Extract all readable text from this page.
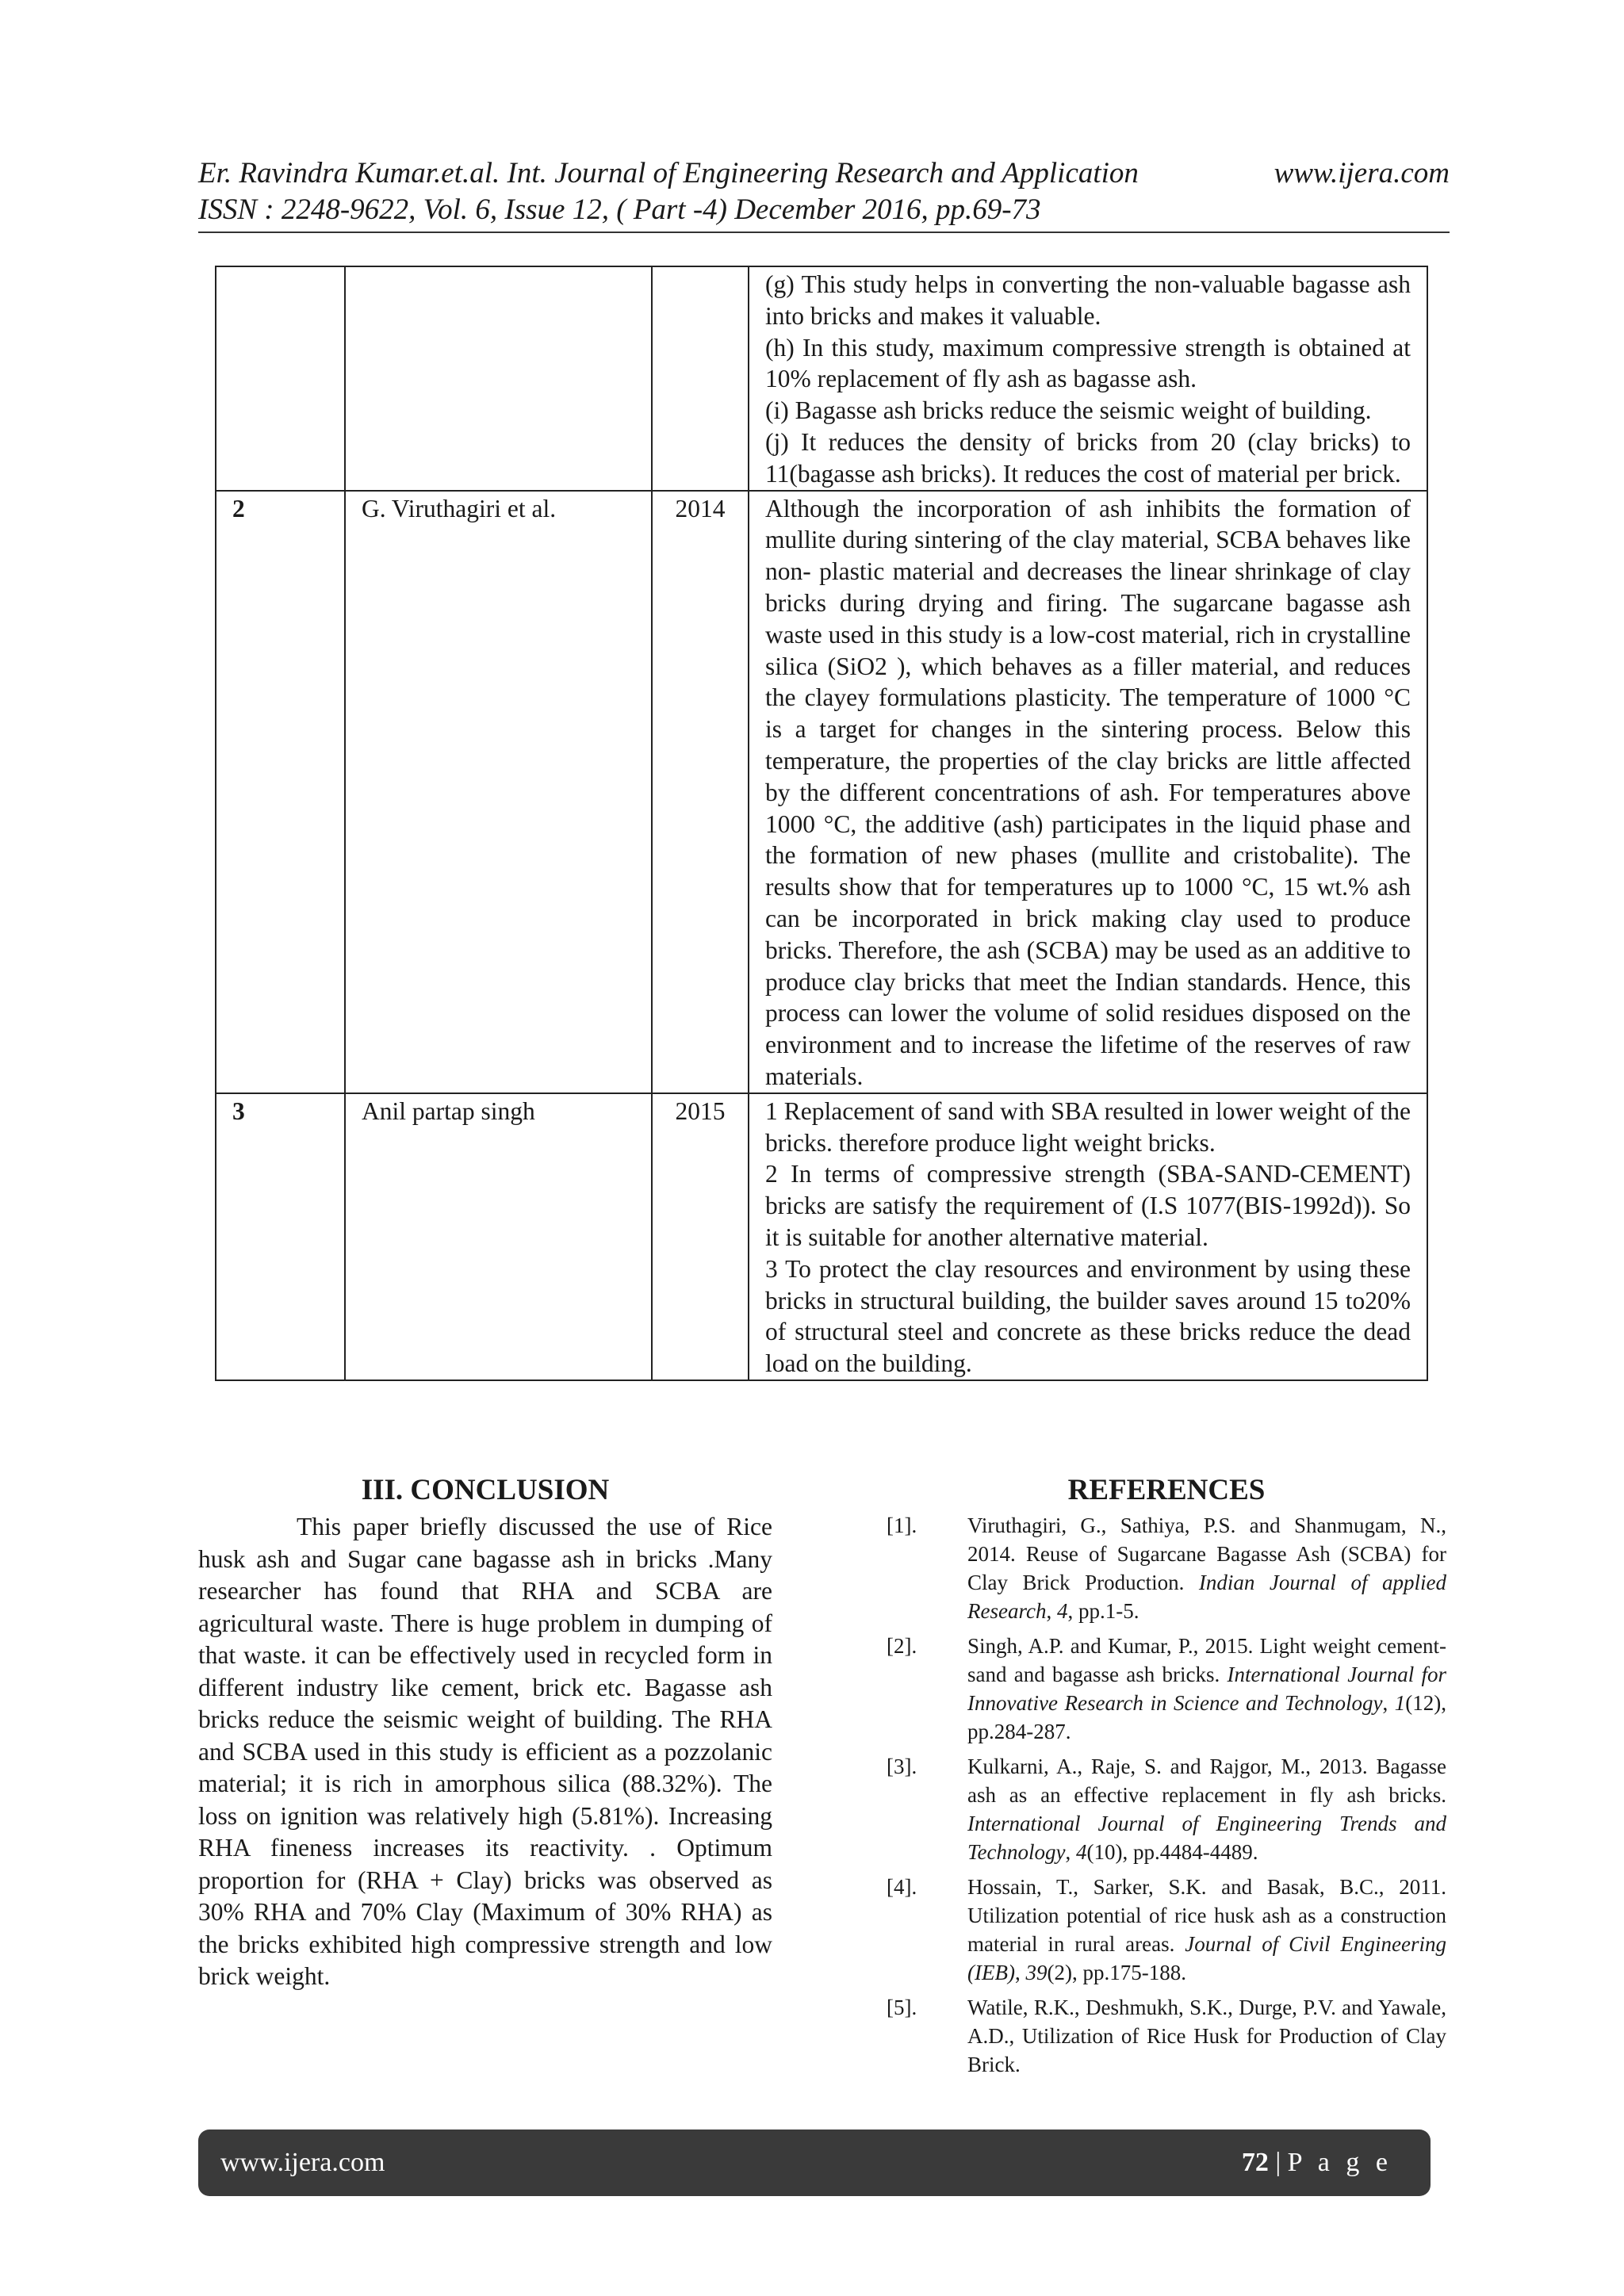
Er. Ravindra Kumar.et.al. Int. Journal of Engineering Research and Application	www.ijera.com
ISSN : 2248-9622, Vol. 6, Issue 12, ( Part -4) December 2016, pp.69-73

			(g) This study helps in converting the non-valuable bagasse ash into bricks and makes it valuable.
(h) In this study, maximum compressive strength is obtained at 10% replacement of fly ash as bagasse ash.
(i) Bagasse ash bricks reduce the seismic weight of building.
(j) It reduces the density of bricks from 20 (clay bricks) to 11(bagasse ash bricks). It reduces the cost of material per brick.

2	G. Viruthagiri et al.	2014	Although the incorporation of ash inhibits the formation of mullite during sintering of the clay material, SCBA behaves like non- plastic material and decreases the linear shrinkage of clay bricks during drying and firing. The sugarcane bagasse ash waste used in this study is a low-cost material, rich in crystalline silica (SiO2 ), which behaves as a filler material, and reduces the clayey formulations plasticity. The temperature of 1000 °C is a target for changes in the sintering process. Below this temperature, the properties of the clay bricks are little affected by the different concentrations of ash. For temperatures above 1000 °C, the additive (ash) participates in the liquid phase and the formation of new phases (mullite and cristobalite). The results show that for temperatures up to 1000 °C, 15 wt.% ash can be incorporated in brick making clay used to produce bricks. Therefore, the ash (SCBA) may be used as an additive to produce clay bricks that meet the Indian standards. Hence, this process can lower the volume of solid residues disposed on the environment and to increase the lifetime of the reserves of raw materials.
3	Anil partap singh	2015	1 Replacement of sand with SBA resulted in lower weight of the bricks. therefore produce light weight bricks.
2 In terms of compressive strength (SBA-SAND-CEMENT) bricks are satisfy the requirement of (I.S 1077(BIS-1992d)). So it is suitable for another alternative material.
3 To protect the clay resources and environment by using these bricks in structural building, the builder saves around 15 to20% of structural steel and concrete as these bricks reduce the dead load on the building.
III. CONCLUSION

This paper briefly discussed the use of Rice husk ash and Sugar cane bagasse ash in bricks .Many researcher has found that RHA and SCBA are agricultural waste. There is huge problem in dumping of that waste. it can be effectively used in recycled form in different industry like cement, brick etc. Bagasse ash bricks reduce the seismic weight of building. The RHA and SCBA used in this study is efficient as a pozzolanic material; it is rich in amorphous silica (88.32%). The loss on ignition was relatively high (5.81%). Increasing RHA fineness increases its reactivity. . Optimum proportion for (RHA + Clay) bricks was observed as 30% RHA and 70% Clay (Maximum of 30% RHA) as the bricks exhibited high compressive strength and low brick weight.

REFERENCES
[1].	Viruthagiri, G., Sathiya, P.S. and Shanmugam, N., 2014. Reuse of Sugarcane Bagasse Ash (SCBA) for Clay Brick Production. Indian Journal of applied Research, 4, pp.1-5.
[2].	Singh, A.P. and Kumar, P., 2015. Light weight cement-sand and bagasse ash bricks. International Journal for Innovative Research in Science and Technology, 1(12), pp.284-287.
[3].	Kulkarni, A., Raje, S. and Rajgor, M., 2013. Bagasse ash as an effective replacement in fly ash bricks. International Journal of Engineering Trends and Technology, 4(10), pp.4484-4489.
[4].	Hossain, T., Sarker, S.K. and Basak, B.C., 2011. Utilization potential of rice husk ash as a construction material in rural areas. Journal of Civil Engineering (IEB), 39(2), pp.175-188.
[5].	Watile, R.K., Deshmukh, S.K., Durge, P.V. and Yawale, A.D., Utilization of Rice Husk for Production of Clay Brick.
www.ijera.com	72 | P a g e
